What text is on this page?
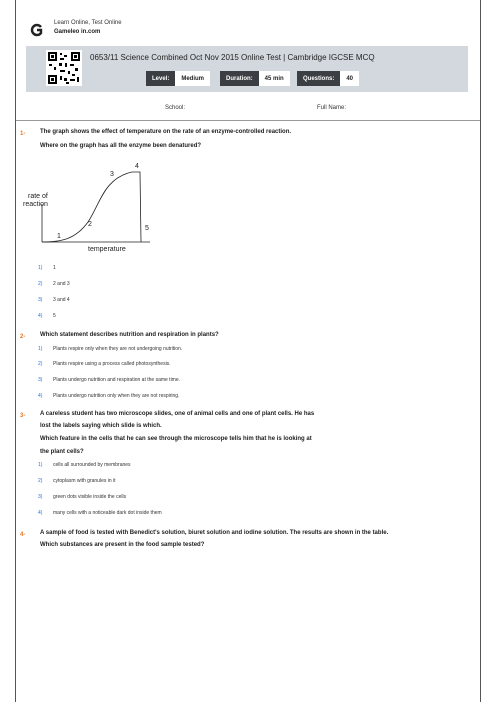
Learn Online, Test Online
Gameleo in.com
0653/11 Science Combined Oct Nov 2015 Online Test | Cambridge IGCSE MCQ
Level:	Medium	Duration:	45 min	Questions:	40
School:	Full Name:
1- The graph shows the effect of temperature on the rate of an enzyme-controlled reaction.
Where on the graph has all the enzyme been denatured?
rate of
reaction
temperature
1
2
3
4
5
1) 1
2) 2 and 3
3) 3 and 4
4) 5
2- Which statement describes nutrition and respiration in plants?
1) Plants respire only when they are not undergoing nutrition.
2) Plants respire using a process called photosynthesis.
3) Plants undergo nutrition and respiration at the same time.
4) Plants undergo nutrition only when they are not respiring.
3- A careless student has two microscope slides, one of animal cells and one of plant cells. He has
lost the labels saying which slide is which.
Which feature in the cells that he can see through the microscope tells him that he is looking at
the plant cells?
1) cells all surrounded by membranes
2) cytoplasm with granules in it
3) green dots visible inside the cells
4) many cells with a noticeable dark dot inside them
4- A sample of food is tested with Benedict's solution, biuret solution and iodine solution. The results are shown in the table.
Which substances are present in the food sample tested?
